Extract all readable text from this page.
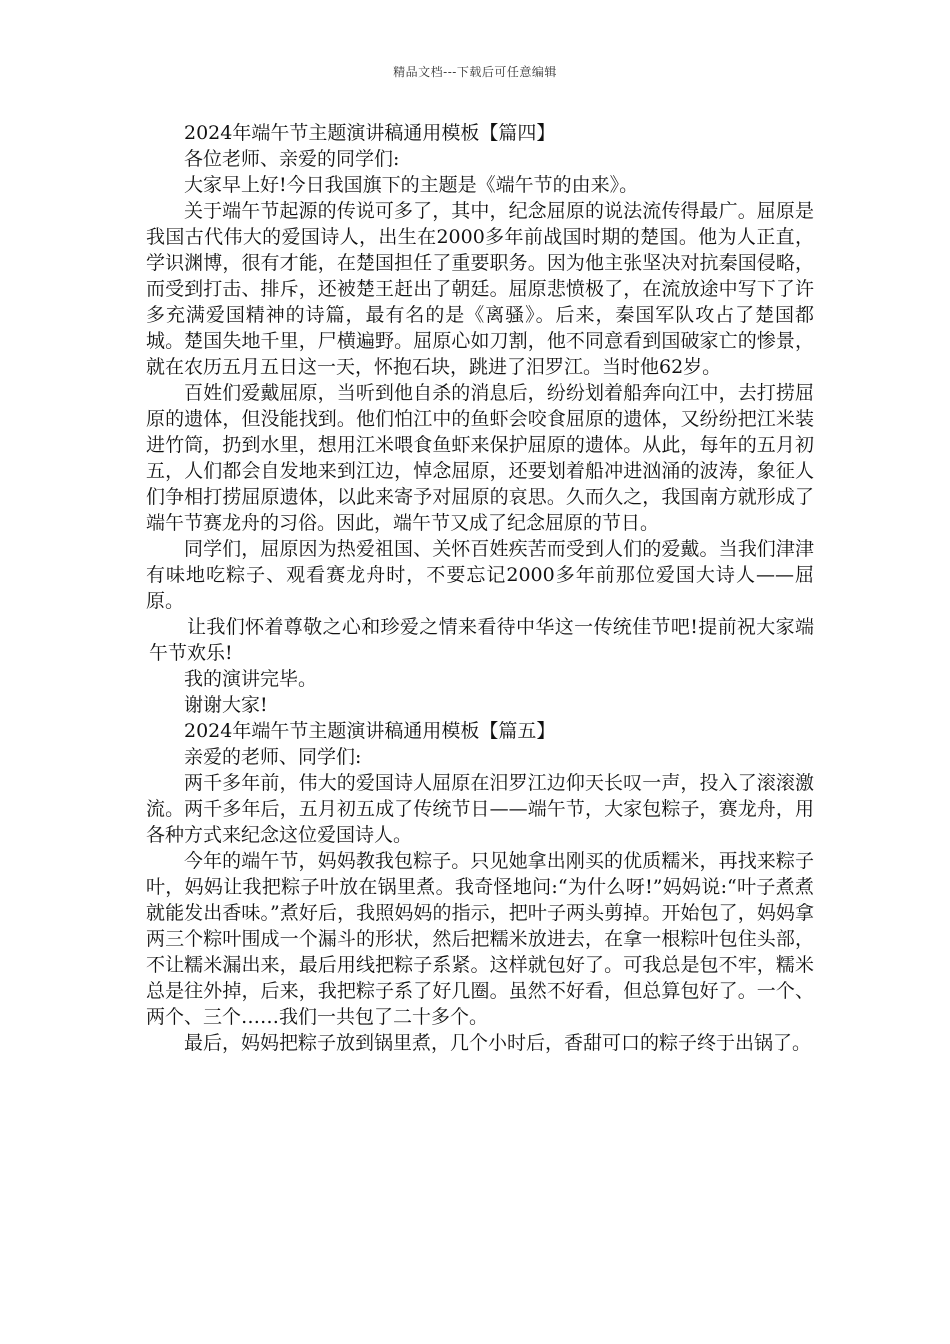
精品文档---下载后可任意编辑

2024年端午节主题演讲稿通用模板【篇四】

各位老师、亲爱的同学们:

大家早上好!今日我国旗下的主题是《端午节的由来》。

关于端午节起源的传说可多了，其中，纪念屈原的说法流传得最广。屈原是我国古代伟大的爱国诗人，出生在2000多年前战国时期的楚国。他为人正直，学识渊博，很有才能，在楚国担任了重要职务。因为他主张坚决对抗秦国侵略，而受到打击、排斥，还被楚王赶出了朝廷。屈原悲愤极了，在流放途中写下了许多充满爱国精神的诗篇，最有名的是《离骚》。后来，秦国军队攻占了楚国都城。楚国失地千里，尸横遍野。屈原心如刀割，他不同意看到国破家亡的惨景，就在农历五月五日这一天，怀抱石块，跳进了汨罗江。当时他62岁。

百姓们爱戴屈原，当听到他自杀的消息后，纷纷划着船奔向江中，去打捞屈原的遗体，但没能找到。他们怕江中的鱼虾会咬食屈原的遗体，又纷纷把江米装进竹筒，扔到水里，想用江米喂食鱼虾来保护屈原的遗体。从此，每年的五月初五，人们都会自发地来到江边，悼念屈原，还要划着船冲进汹涌的波涛，象征人们争相打捞屈原遗体，以此来寄予对屈原的哀思。久而久之，我国南方就形成了端午节赛龙舟的习俗。因此，端午节又成了纪念屈原的节日。

同学们，屈原因为热爱祖国、关怀百姓疾苦而受到人们的爱戴。当我们津津有味地吃粽子、观看赛龙舟时，不要忘记2000多年前那位爱国大诗人——屈原。

让我们怀着尊敬之心和珍爱之情来看待中华这一传统佳节吧!提前祝大家端午节欢乐!

我的演讲完毕。

谢谢大家!

2024年端午节主题演讲稿通用模板【篇五】

亲爱的老师、同学们:

两千多年前，伟大的爱国诗人屈原在汨罗江边仰天长叹一声，投入了滚滚激流。两千多年后，五月初五成了传统节日——端午节，大家包粽子，赛龙舟，用各种方式来纪念这位爱国诗人。

今年的端午节，妈妈教我包粽子。只见她拿出刚买的优质糯米，再找来粽子叶，妈妈让我把粽子叶放在锅里煮。我奇怪地问:“为什么呀!”妈妈说:“叶子煮煮就能发出香味。”煮好后，我照妈妈的指示，把叶子两头剪掉。开始包了，妈妈拿两三个粽叶围成一个漏斗的形状，然后把糯米放进去，在拿一根粽叶包住头部，不让糯米漏出来，最后用线把粽子系紧。这样就包好了。可我总是包不牢，糯米总是往外掉，后来，我把粽子系了好几圈。虽然不好看，但总算包好了。一个、两个、三个……我们一共包了二十多个。

最后，妈妈把粽子放到锅里煮，几个小时后，香甜可口的粽子终于出锅了。
